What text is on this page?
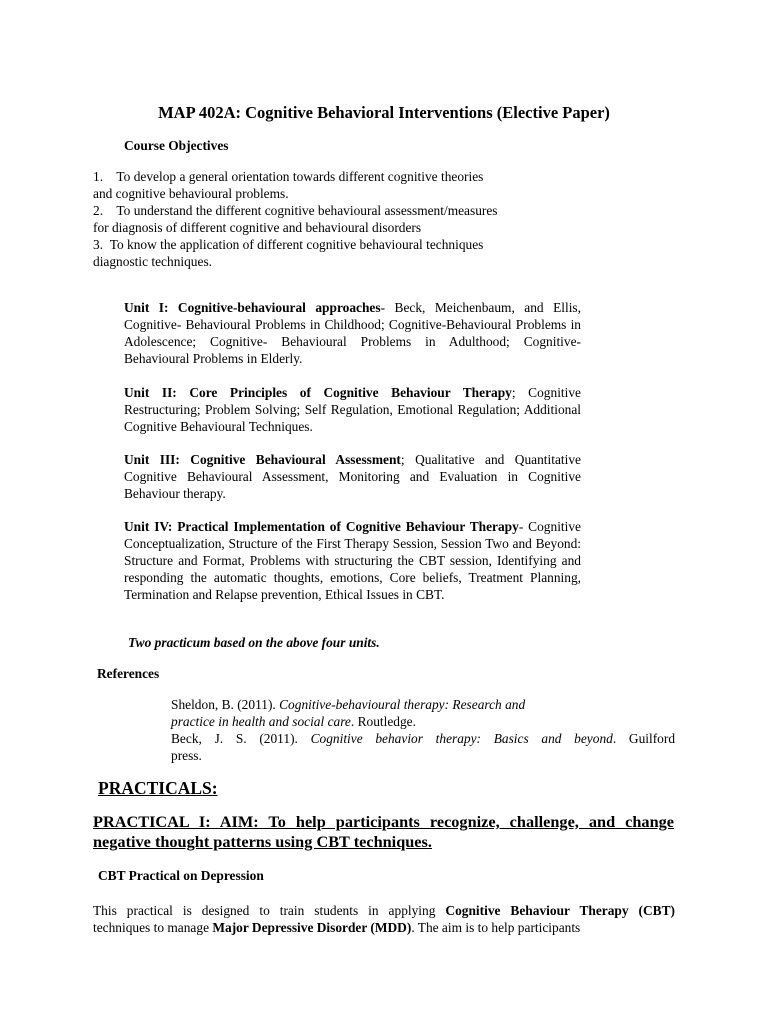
MAP 402A: Cognitive Behavioral Interventions (Elective Paper)
Course Objectives
1.    To develop a general orientation towards different cognitive theories
and cognitive behavioural problems.
2.    To understand the different cognitive behavioural assessment/measures
for diagnosis of different cognitive and behavioural disorders
3.  To know the application of different cognitive behavioural techniques
diagnostic techniques.
Unit I: Cognitive-behavioural approaches- Beck, Meichenbaum, and Ellis, Cognitive- Behavioural Problems in Childhood; Cognitive-Behavioural Problems in Adolescence; Cognitive- Behavioural Problems in Adulthood; Cognitive- Behavioural Problems in Elderly.
Unit II: Core Principles of Cognitive Behaviour Therapy; Cognitive Restructuring; Problem Solving; Self Regulation, Emotional Regulation; Additional Cognitive Behavioural Techniques.
Unit III: Cognitive Behavioural Assessment; Qualitative and Quantitative Cognitive Behavioural Assessment, Monitoring and Evaluation in Cognitive Behaviour therapy.
Unit IV: Practical Implementation of Cognitive Behaviour Therapy- Cognitive Conceptualization, Structure of the First Therapy Session, Session Two and Beyond: Structure and Format, Problems with structuring the CBT session, Identifying and responding the automatic thoughts, emotions, Core beliefs, Treatment Planning, Termination and Relapse prevention, Ethical Issues in CBT.
Two practicum based on the above four units.
References
Sheldon, B. (2011). Cognitive-behavioural therapy: Research and
practice in health and social care. Routledge.
Beck, J. S. (2011). Cognitive behavior therapy: Basics and beyond. Guilford
press.
PRACTICALS:
PRACTICAL I: AIM: To help participants recognize, challenge, and change negative thought patterns using CBT techniques.
CBT Practical on Depression
This practical is designed to train students in applying Cognitive Behaviour Therapy (CBT)
techniques to manage Major Depressive Disorder (MDD). The aim is to help participants
